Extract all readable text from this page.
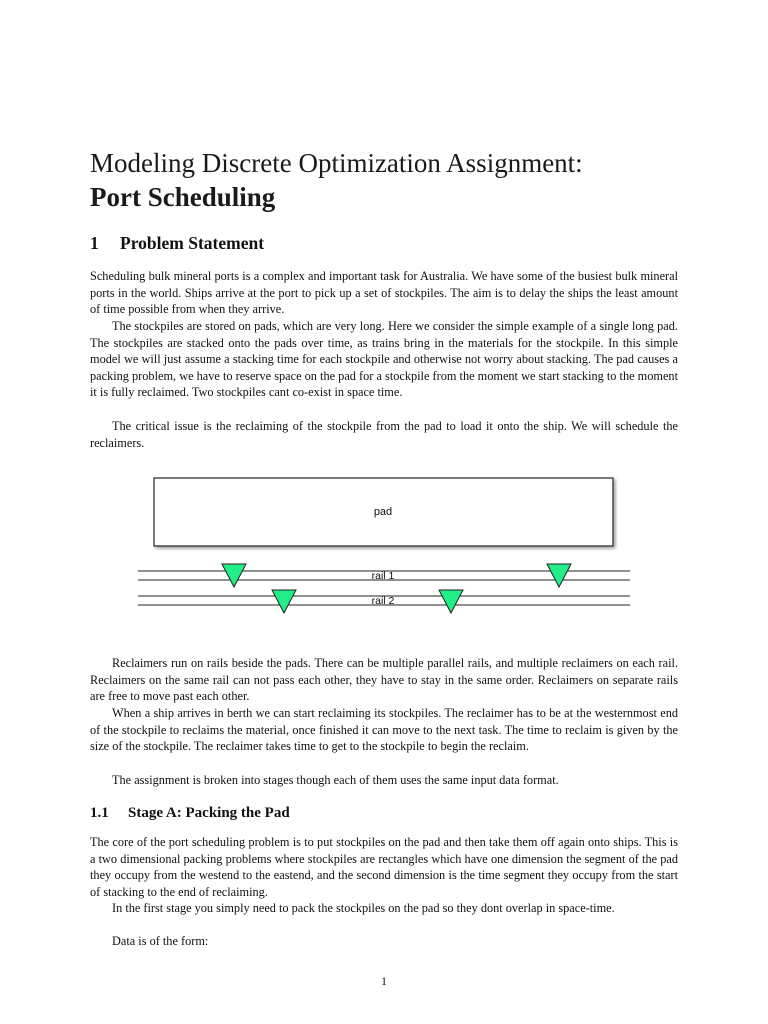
Modeling Discrete Optimization Assignment:
Port Scheduling
1 Problem Statement

Scheduling bulk mineral ports is a complex and important task for Australia. We have some of the busiest bulk mineral ports in the world. Ships arrive at the port to pick up a set of stockpiles. The aim is to delay the ships the least amount of time possible from when they arrive.

The stockpiles are stored on pads, which are very long. Here we consider the simple example of a single long pad. The stockpiles are stacked onto the pads over time, as trains bring in the materials for the stockpile. In this simple model we will just assume a stacking time for each stockpile and otherwise not worry about stacking. The pad causes a packing problem, we have to reserve space on the pad for a stockpile from the moment we start stacking to the moment it is fully reclaimed. Two stockpiles cant co-exist in space time.

The critical issue is the reclaiming of the stockpile from the pad to load it onto the ship. We will schedule the reclaimers.

pad
rail 1
rail 2

Reclaimers run on rails beside the pads. There can be multiple parallel rails, and multiple reclaimers on each rail. Reclaimers on the same rail can not pass each other, they have to stay in the same order. Reclaimers on separate rails are free to move past each other.

When a ship arrives in berth we can start reclaiming its stockpiles. The reclaimer has to be at the westernmost end of the stockpile to reclaims the material, once finished it can move to the next task. The time to reclaim is given by the size of the stockpile. The reclaimer takes time to get to the stockpile to begin the reclaim.

The assignment is broken into stages though each of them uses the same input data format.

1.1 Stage A: Packing the Pad

The core of the port scheduling problem is to put stockpiles on the pad and then take them off again onto ships. This is a two dimensional packing problems where stockpiles are rectangles which have one dimension the segment of the pad they occupy from the westend to the eastend, and the second dimension is the time segment they occupy from the start of stacking to the end of reclaiming.

In the first stage you simply need to pack the stockpiles on the pad so they dont overlap in space-time.

Data is of the form:

1
